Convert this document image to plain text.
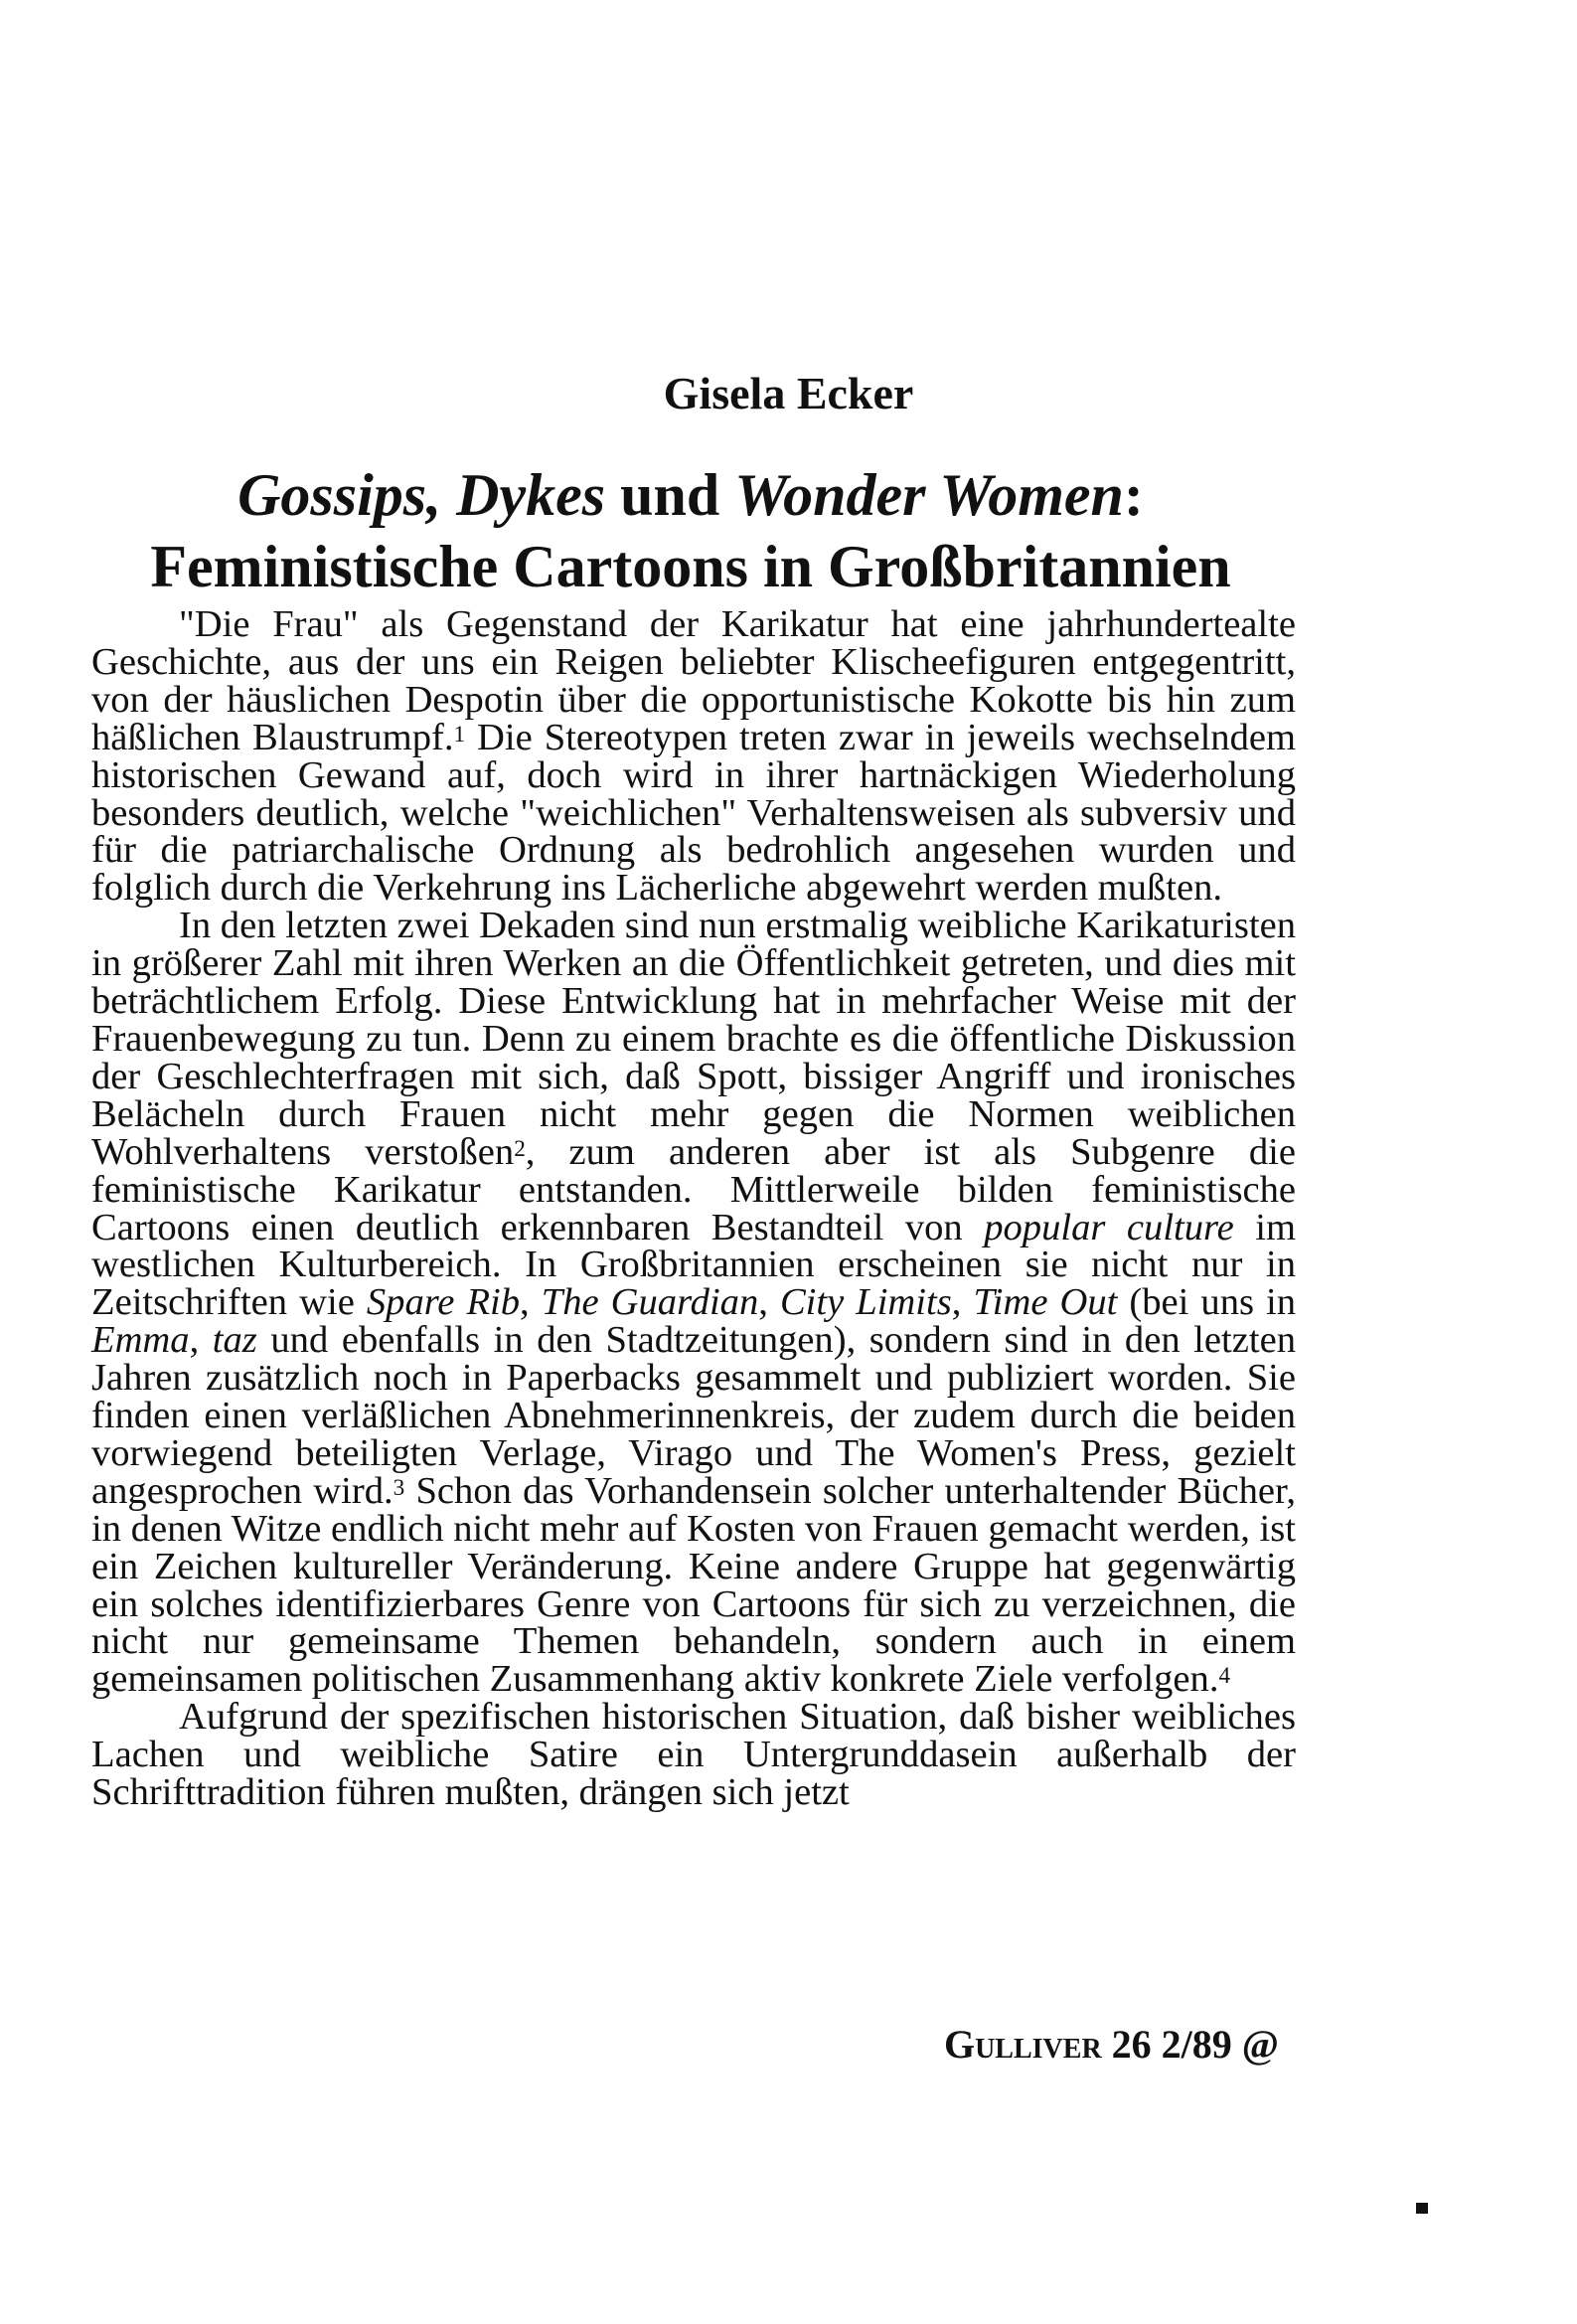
Gisela Ecker
Gossips, Dykes und Wonder Women:
Feministische Cartoons in Großbritannien

"Die Frau" als Gegenstand der Karikatur hat eine jahrhundertealte Geschichte, aus der uns ein Reigen beliebter Klischeefiguren entgegentritt, von der häuslichen Despotin über die opportunistische Kokotte bis hin zum häßlichen Blaustrumpf.$^1$ Die Stereotypen treten zwar in jeweils wechselndem historischen Gewand auf, doch wird in ihrer hartnäckigen Wiederholung besonders deutlich, welche "weichlichen" Verhaltensweisen als subversiv und für die patriarchalische Ordnung als bedrohlich angesehen wurden und folglich durch die Verkehrung ins Lächerliche abgewehrt werden mußten.

In den letzten zwei Dekaden sind nun erstmalig weibliche Karikaturisten in größerer Zahl mit ihren Werken an die Öffentlichkeit getreten, und dies mit beträchtlichem Erfolg. Diese Entwicklung hat in mehrfacher Weise mit der Frauenbewegung zu tun. Denn zu einem brachte es die öffentliche Diskussion der Geschlechterfragen mit sich, daß Spott, bissiger Angriff und ironisches Belächeln durch Frauen nicht mehr gegen die Normen weiblichen Wohlverhaltens verstoßen$^2$, zum anderen aber ist als Subgenre die feministische Karikatur entstanden. Mittlerweile bilden feministische Cartoons einen deutlich erkennbaren Bestandteil von popular culture im westlichen Kulturbereich. In Großbritannien erscheinen sie nicht nur in Zeitschriften wie Spare Rib, The Guardian, City Limits, Time Out (bei uns in Emma, taz und ebenfalls in den Stadtzeitungen), sondern sind in den letzten Jahren zusätzlich noch in Paperbacks gesammelt und publiziert worden. Sie finden einen verläßlichen Abnehmerinnenkreis, der zudem durch die beiden vorwiegend beteiligten Verlage, Virago und The Women's Press, gezielt angesprochen wird.$^3$ Schon das Vorhandensein solcher unterhaltender Bücher, in denen Witze endlich nicht mehr auf Kosten von Frauen gemacht werden, ist ein Zeichen kultureller Veränderung. Keine andere Gruppe hat gegenwärtig ein solches identifizierbares Genre von Cartoons für sich zu verzeichnen, die nicht nur gemeinsame Themen behandeln, sondern auch in einem gemeinsamen politischen Zusammenhang aktiv konkrete Ziele verfolgen.$^4$

Aufgrund der spezifischen historischen Situation, daß bisher weibliches Lachen und weibliche Satire ein Untergrunddasein außerhalb der Schrifttradition führen mußten, drängen sich jetzt

Gulliver 26 2/89 @
